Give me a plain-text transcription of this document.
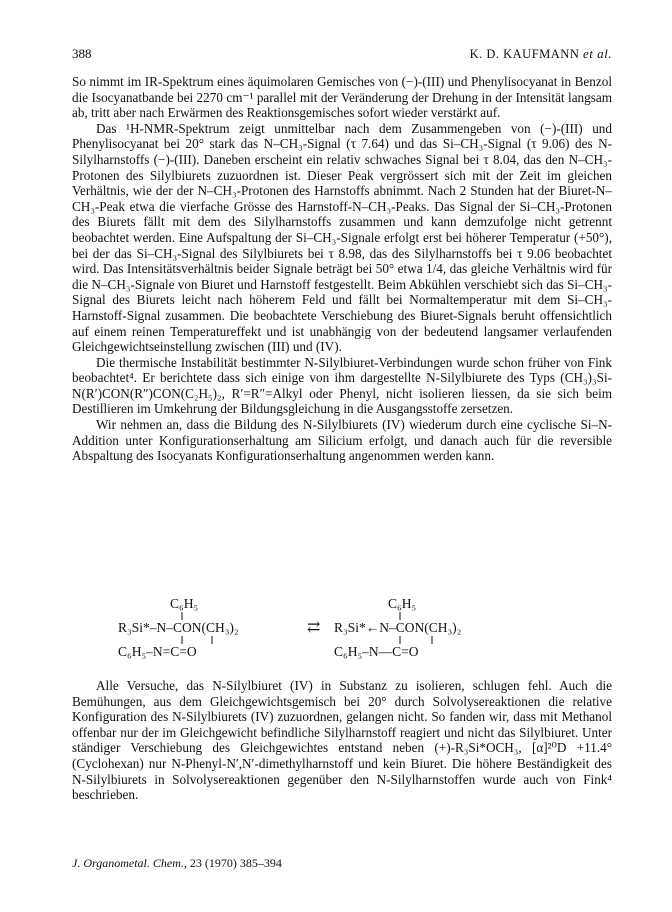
388	K. D. KAUFMANN et al.

So nimmt im IR-Spektrum eines äquimolaren Gemisches von (−)-(III) und Phenylisocyanat in Benzol die Isocyanatbande bei 2270 cm⁻¹ parallel mit der Veränderung der Drehung in der Intensität langsam ab, tritt aber nach Erwärmen des Reaktionsgemisches sofort wieder verstärkt auf.

Das ¹H-NMR-Spektrum zeigt unmittelbar nach dem Zusammengeben von (−)-(III) und Phenylisocyanat bei 20° stark das N–CH₃-Signal (τ 7.64) und das Si–CH₃-Signal (τ 9.06) des N-Silylharnstoffs (−)-(III). Daneben erscheint ein relativ schwaches Signal bei τ 8.04, das den N–CH₃-Protonen des Silylbiurets zuzuordnen ist. Dieser Peak vergrössert sich mit der Zeit im gleichen Verhältnis, wie der der N–CH₃-Protonen des Harnstoffs abnimmt. Nach 2 Stunden hat der Biuret-N–CH₃-Peak etwa die vierfache Grösse des Harnstoff-N–CH₃-Peaks. Das Signal der Si–CH₃-Protonen des Biurets fällt mit dem des Silylharnstoffs zusammen und kann demzufolge nicht getrennt beobachtet werden. Eine Aufspaltung der Si–CH₃-Signale erfolgt erst bei höherer Temperatur (+50°), bei der das Si–CH₃-Signal des Silylbiurets bei τ 8.98, das des Silylharnstoffs bei τ 9.06 beobachtet wird. Das Intensitätsverhältnis beider Signale beträgt bei 50° etwa 1/4, das gleiche Verhältnis wird für die N–CH₃-Signale von Biuret und Harnstoff festgestellt. Beim Abkühlen verschiebt sich das Si–CH₃-Signal des Biurets leicht nach höherem Feld und fällt bei Normaltemperatur mit dem Si–CH₃-Harnstoff-Signal zusammen. Die beobachtete Verschiebung des Biuret-Signals beruht offensichtlich auf einem reinen Temperatureffekt und ist unabhängig von der bedeutend langsamer verlaufenden Gleichgewichtseinstellung zwischen (III) und (IV).

Die thermische Instabilität bestimmter N-Silylbiuret-Verbindungen wurde schon früher von Fink beobachtet⁴. Er berichtete dass sich einige von ihm dargestellte N-Silylbiurete des Typs (CH₃)₃Si-N(R′)CON(R″)CON(C₂H₅)₂, R′=R″=Alkyl oder Phenyl, nicht isolieren liessen, da sie sich beim Destillieren im Umkehrung der Bildungsgleichung in die Ausgangsstoffe zersetzen.

Wir nehmen an, dass die Bildung des N-Silylbiurets (IV) wiederum durch eine cyclische Si–N-Addition unter Konfigurationserhaltung am Silicium erfolgt, und danach auch für die reversible Abspaltung des Isocyanats Konfigurationserhaltung angenommen werden kann.

C₆H₅
R₃Si*–N–CON(CH₃)₂
C₆H₅–N=C=O
⇄
C₆H₅
R₃Si*←N–CON(CH₃)₂
C₆H₅–N—C=O

Alle Versuche, das N-Silylbiuret (IV) in Substanz zu isolieren, schlugen fehl. Auch die Bemühungen, aus dem Gleichgewichtsgemisch bei 20° durch Solvolysereaktionen die relative Konfiguration des N-Silylbiurets (IV) zuzuordnen, gelangen nicht. So fanden wir, dass mit Methanol offenbar nur der im Gleichgewicht befindliche Silylharnstoff reagiert und nicht das Silylbiuret. Unter ständiger Verschiebung des Gleichgewichtes entstand neben (+)-R₃Si*OCH₃, [α]²⁰D +11.4° (Cyclohexan) nur N-Phenyl-N′,N′-dimethylharnstoff und kein Biuret. Die höhere Beständigkeit des N-Silylbiurets in Solvolysereaktionen gegenüber den N-Silylharnstoffen wurde auch von Fink⁴ beschrieben.

J. Organometal. Chem., 23 (1970) 385–394
